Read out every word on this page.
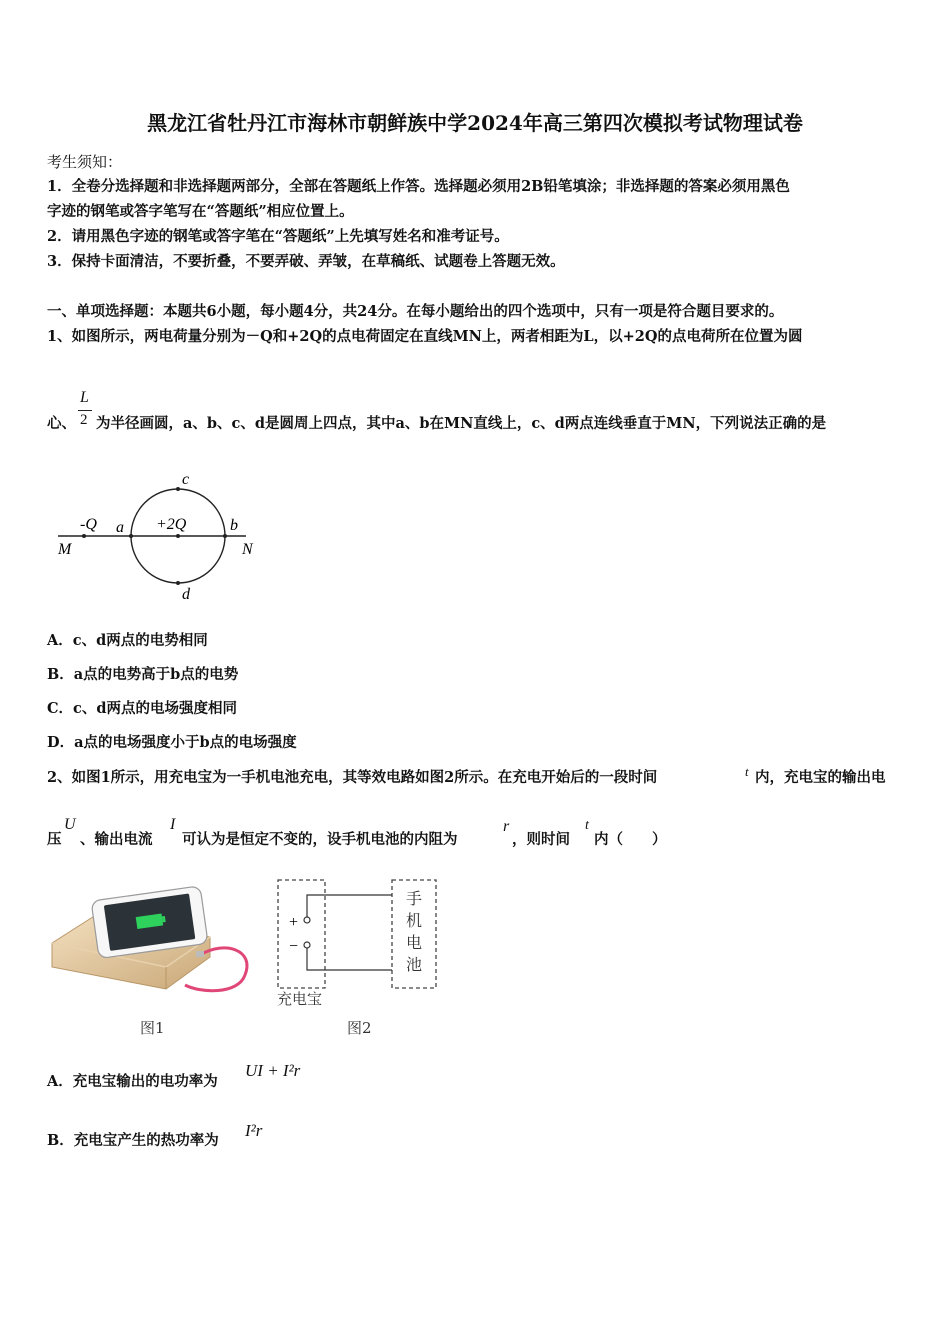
黑龙江省牡丹江市海林市朝鲜族中学2024年高三第四次模拟考试物理试卷
考生须知：
1．全卷分选择题和非选择题两部分，全部在答题纸上作答。选择题必须用2B铅笔填涂；非选择题的答案必须用黑色
字迹的钢笔或答字笔写在“答题纸”相应位置上。
2．请用黑色字迹的钢笔或答字笔在“答题纸”上先填写姓名和准考证号。
3．保持卡面清洁，不要折叠，不要弄破、弄皱，在草稿纸、试题卷上答题无效。
一、单项选择题：本题共6小题，每小题4分，共24分。在每小题给出的四个选项中，只有一项是符合题目要求的。
1、如图所示，两电荷量分别为－Q和+2Q的点电荷固定在直线MN上，两者相距为L，以+2Q的点电荷所在位置为圆
心、
L
2 为半径画圆，a、b、c、d是圆周上四点，其中a、b在MN直线上，c、d两点连线垂直于MN，下列说法正确的是
-Q	+2Q
a	b
c
d
M	N
A．c、d两点的电势相同
B．a点的电势高于b点的电势
C．c、d两点的电场强度相同
D．a点的电场强度小于b点的电场强度
2、如图1所示，用充电宝为一手机电池充电，其等效电路如图2所示。在充电开始后的一段时间	t 内，充电宝的输出电
压
U
、输出电流
I
可认为是恒定不变的，设手机电池的内阻为
r
，则时间
t
内（　　）
图1
+
−
手
机
电
池
充电宝
图2
A．充电宝输出的电功率为
UI + I²r
B．充电宝产生的热功率为
I²r
